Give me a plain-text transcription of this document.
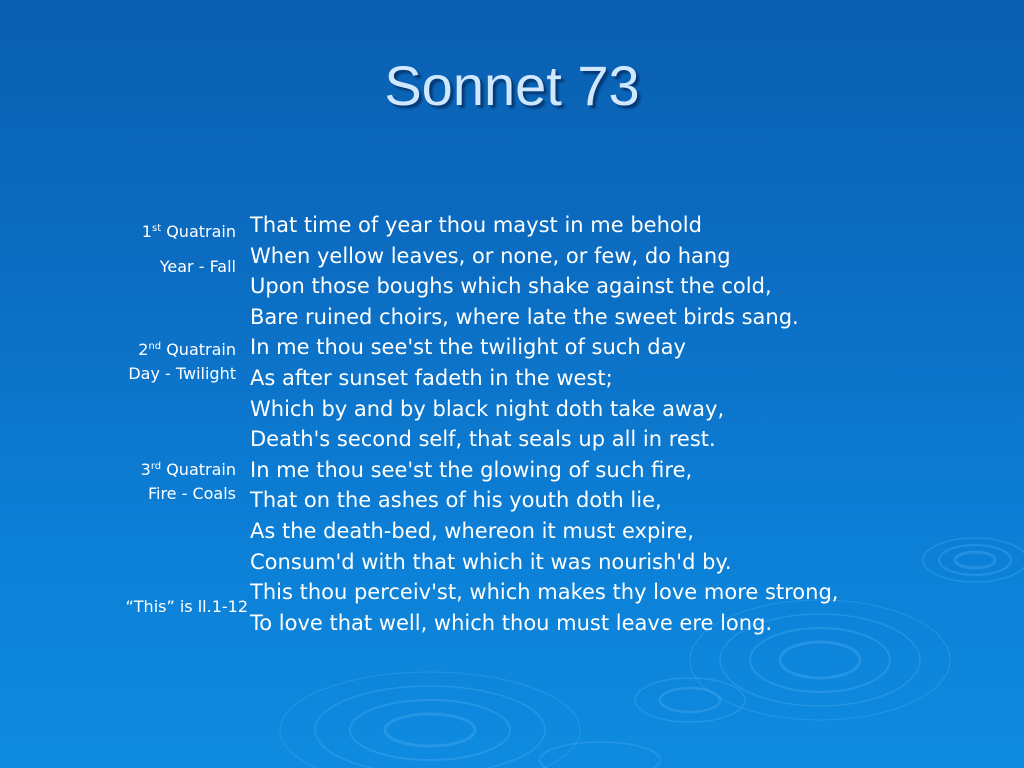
Sonnet 73
1st Quatrain
Year - Fall
2nd Quatrain
Day - Twilight
3rd Quatrain
Fire - Coals
“This” is ll.1-12
That time of year thou mayst in me behold
When yellow leaves, or none, or few, do hang
Upon those boughs which shake against the cold,
Bare ruined choirs, where late the sweet birds sang.
In me thou see'st the twilight of such day
As after sunset fadeth in the west;
Which by and by black night doth take away,
Death's second self, that seals up all in rest.
In me thou see'st the glowing of such fire,
That on the ashes of his youth doth lie,
As the death-bed, whereon it must expire,
Consum'd with that which it was nourish'd by.
This thou perceiv'st, which makes thy love more strong,
To love that well, which thou must leave ere long.
